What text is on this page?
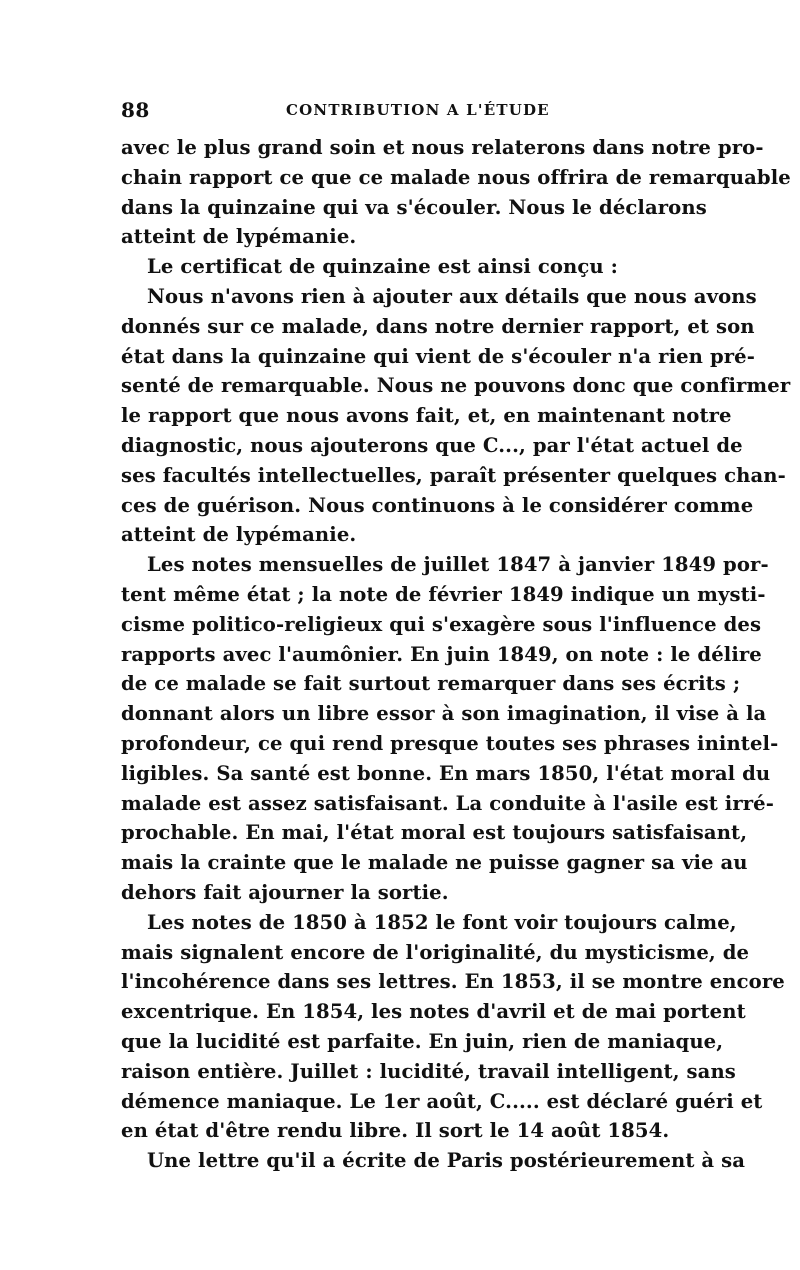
88	CONTRIBUTION A L'ÉTUDE
avec le plus grand soin et nous relaterons dans notre pro-
chain rapport ce que ce malade nous offrira de remarquable
dans la quinzaine qui va s'écouler. Nous le déclarons
atteint de lypémanie.
Le certificat de quinzaine est ainsi conçu :
Nous n'avons rien à ajouter aux détails que nous avons
donnés sur ce malade, dans notre dernier rapport, et son
état dans la quinzaine qui vient de s'écouler n'a rien pré-
senté de remarquable. Nous ne pouvons donc que confirmer
le rapport que nous avons fait, et, en maintenant notre
diagnostic, nous ajouterons que C..., par l'état actuel de
ses facultés intellectuelles, paraît présenter quelques chan-
ces de guérison. Nous continuons à le considérer comme
atteint de lypémanie.
Les notes mensuelles de juillet 1847 à janvier 1849 por-
tent même état ; la note de février 1849 indique un mysti-
cisme politico-religieux qui s'exagère sous l'influence des
rapports avec l'aumônier. En juin 1849, on note : le délire
de ce malade se fait surtout remarquer dans ses écrits ;
donnant alors un libre essor à son imagination, il vise à la
profondeur, ce qui rend presque toutes ses phrases inintel-
ligibles. Sa santé est bonne. En mars 1850, l'état moral du
malade est assez satisfaisant. La conduite à l'asile est irré-
prochable. En mai, l'état moral est toujours satisfaisant,
mais la crainte que le malade ne puisse gagner sa vie au
dehors fait ajourner la sortie.
Les notes de 1850 à 1852 le font voir toujours calme,
mais signalent encore de l'originalité, du mysticisme, de
l'incohérence dans ses lettres. En 1853, il se montre encore
excentrique. En 1854, les notes d'avril et de mai portent
que la lucidité est parfaite. En juin, rien de maniaque,
raison entière. Juillet : lucidité, travail intelligent, sans
démence maniaque. Le 1er août, C..... est déclaré guéri et
en état d'être rendu libre. Il sort le 14 août 1854.
Une lettre qu'il a écrite de Paris postérieurement à sa
